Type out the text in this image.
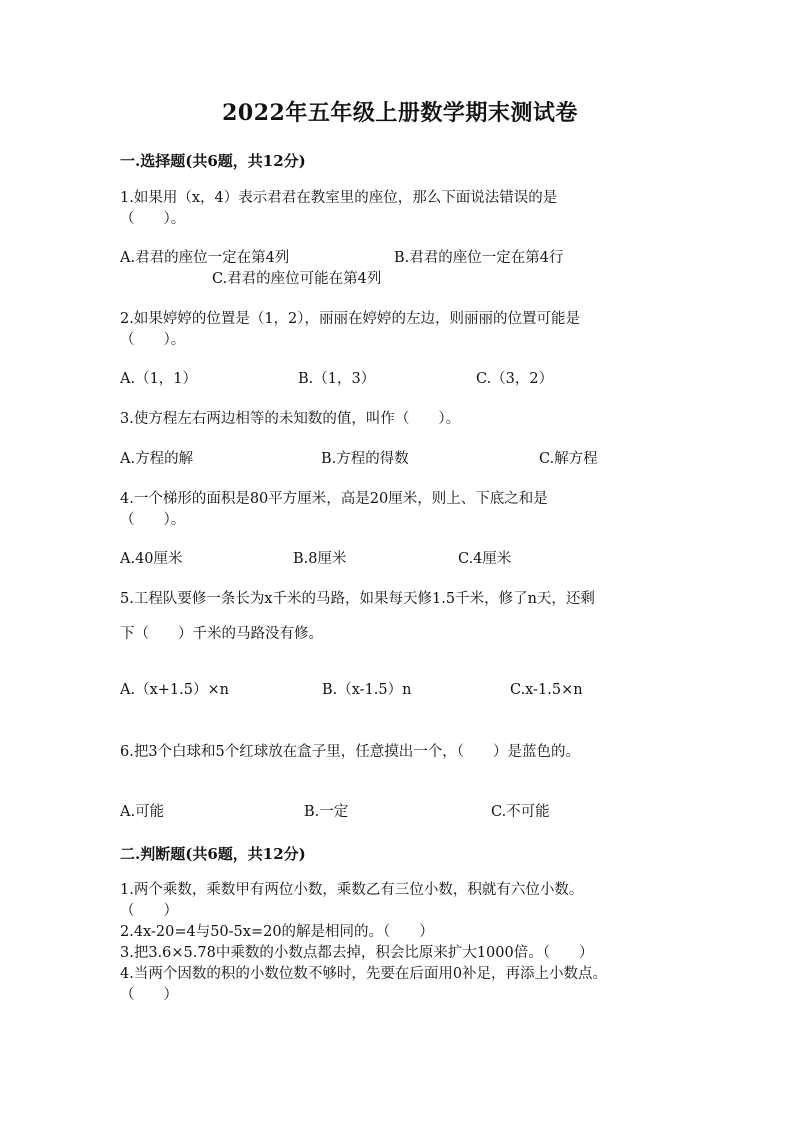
2022年五年级上册数学期末测试卷
一.选择题(共6题，共12分)
1.如果用（x，4）表示君君在教室里的座位，那么下面说法错误的是
（　　）。
A.君君的座位一定在第4列	B.君君的座位一定在第4行
C.君君的座位可能在第4列
2.如果婷婷的位置是（1，2），丽丽在婷婷的左边，则丽丽的位置可能是
（　　）。
A.（1，1）	B.（1，3）	C.（3，2）
3.使方程左右两边相等的未知数的值，叫作（　　）。
A.方程的解	B.方程的得数	C.解方程
4.一个梯形的面积是80平方厘米，高是20厘米，则上、下底之和是
（　　）。
A.40厘米	B.8厘米	C.4厘米
5.工程队要修一条长为x千米的马路，如果每天修1.5千米，修了n天，还剩
下（　　）千米的马路没有修。
A.（x+1.5）×n	B.（x-1.5）n	C.x-1.5×n
6.把3个白球和5个红球放在盒子里，任意摸出一个，（　　）是蓝色的。
A.可能	B.一定	C.不可能
二.判断题(共6题，共12分)
1.两个乘数，乘数甲有两位小数，乘数乙有三位小数，积就有六位小数。
（　　）
2.4x-20=4与50-5x=20的解是相同的。（　　）
3.把3.6×5.78中乘数的小数点都去掉，积会比原来扩大1000倍。（　　）
4.当两个因数的积的小数位数不够时，先要在后面用0补足，再添上小数点。
（　　）
